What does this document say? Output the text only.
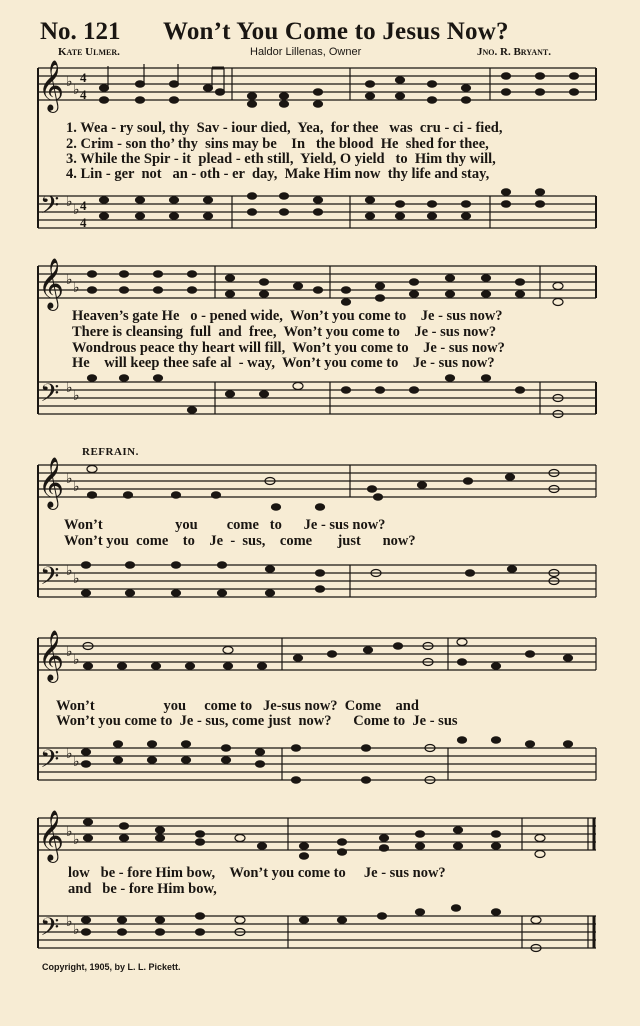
No. 121 Won’t You Come to Jesus Now?
Kate Ulmer.	Haldor Lillenas, Owner	Jno. R. Bryant.
𝄞
𝄢
♭ ♭
♭ ♭
4
4
4
4
1. Wea - ry soul, thy  Sav - iour died,  Yea,  for thee   was  cru - ci - fied,
2. Crim - son tho’ thy  sins may be    In   the blood  He  shed for thee,
3. While the Spir - it  plead - eth still,  Yield, O yield   to  Him thy will,
4. Lin - ger  not   an - oth - er  day,  Make Him now  thy life and stay,
𝄞
𝄢
♭ ♭
♭ ♭
Heaven’s gate He   o - pened wide,  Won’t you come to    Je - sus now?
There is cleansing  full  and  free,  Won’t you come to    Je - sus now?
Wondrous peace thy heart will fill,  Won’t you come to    Je - sus now?
He    will keep thee safe al  - way,  Won’t you come to    Je - sus now?
REFRAIN.
𝄞
𝄢
♭ ♭
♭ ♭
Won’t                    you        come   to      Je - sus now?
Won’t you  come    to    Je  -  sus,    come       just      now?
𝄞
𝄢
♭ ♭
♭ ♭
Won’t                   you     come to   Je-sus now?  Come    and
Won’t you come to  Je - sus, come just  now?      Come to  Je - sus
𝄞
𝄢
♭ ♭
♭ ♭
low   be - fore Him bow,    Won’t you come to     Je - sus now?
and   be - fore Him bow,
Copyright, 1905, by L. L. Pickett.
